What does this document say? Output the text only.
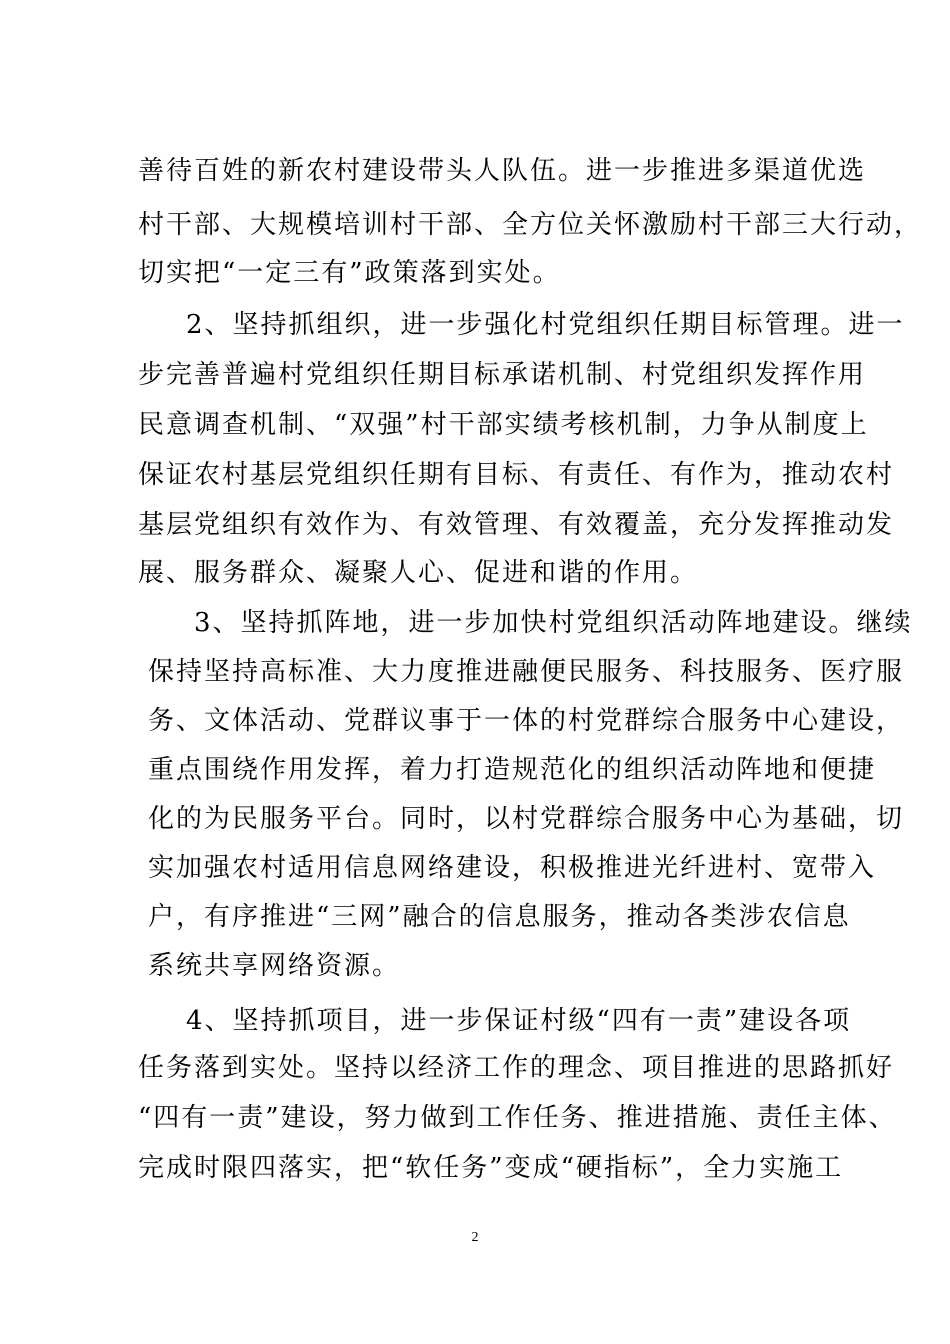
善待百姓的新农村建设带头人队伍。进一步推进多渠道优选
村干部、大规模培训村干部、全方位关怀激励村干部三大行动，
切实把“一定三有”政策落到实处。
2、坚持抓组织，进一步强化村党组织任期目标管理。进一
步完善普遍村党组织任期目标承诺机制、村党组织发挥作用
民意调查机制、“双强”村干部实绩考核机制，力争从制度上
保证农村基层党组织任期有目标、有责任、有作为，推动农村
基层党组织有效作为、有效管理、有效覆盖，充分发挥推动发
展、服务群众、凝聚人心、促进和谐的作用。
3、坚持抓阵地，进一步加快村党组织活动阵地建设。继续
保持坚持高标准、大力度推进融便民服务、科技服务、医疗服
务、文体活动、党群议事于一体的村党群综合服务中心建设，
重点围绕作用发挥，着力打造规范化的组织活动阵地和便捷
化的为民服务平台。同时，以村党群综合服务中心为基础，切
实加强农村适用信息网络建设，积极推进光纤进村、宽带入
户，有序推进“三网”融合的信息服务，推动各类涉农信息
系统共享网络资源。
4、坚持抓项目，进一步保证村级“四有一责”建设各项
任务落到实处。坚持以经济工作的理念、项目推进的思路抓好
“四有一责”建设，努力做到工作任务、推进措施、责任主体、
完成时限四落实，把“软任务”变成“硬指标”，全力实施工
2
